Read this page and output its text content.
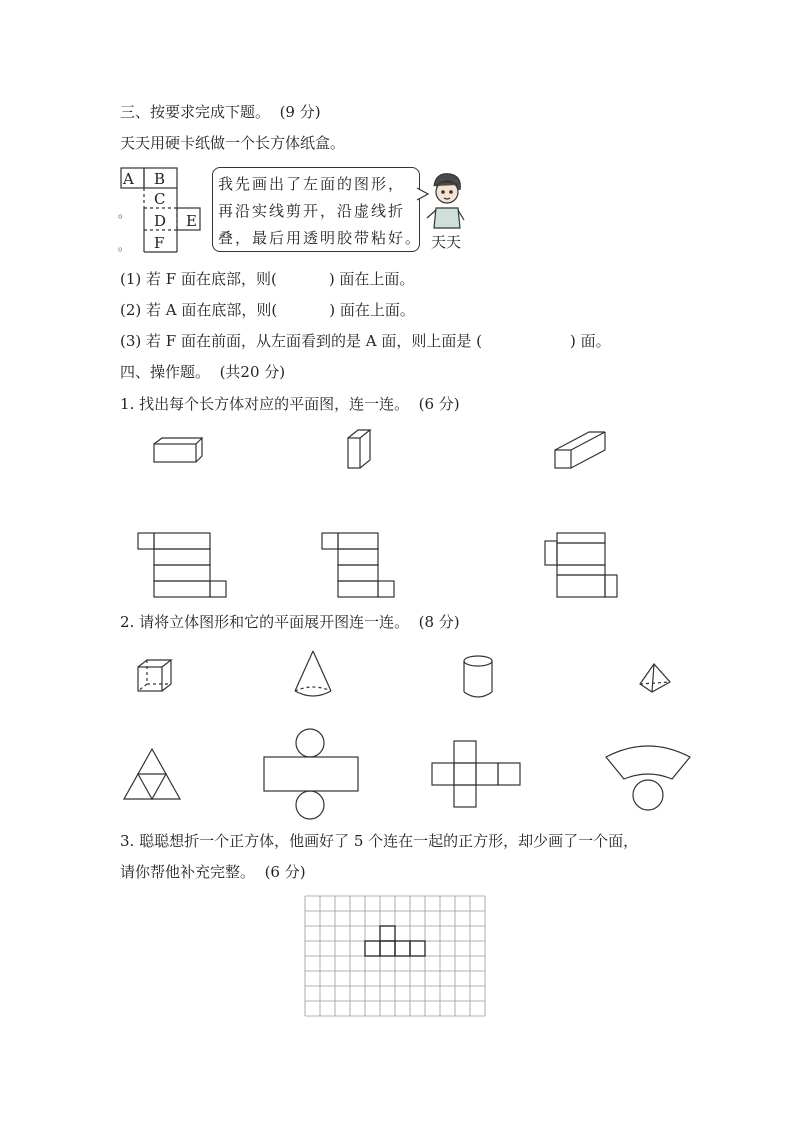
三、按要求完成下题。 (9 分)
天天用硬卡纸做一个长方体纸盒。
A B
C
D E
F
。
。
我先画出了左面的图形，
再沿实线剪开，沿虚线折
叠，最后用透明胶带粘好。 天天
(1) 若 F 面在底部，则(	) 面在上面。
(2) 若 A 面在底部，则(	) 面在上面。
(3) 若 F 面在前面，从左面看到的是 A 面，则上面是 (	) 面。
四、操作题。 (共20 分)
1. 找出每个长方体对应的平面图，连一连。 (6 分)
2. 请将立体图形和它的平面展开图连一连。 (8 分)
3. 聪聪想折一个正方体，他画好了 5 个连在一起的正方形，却少画了一个面，
请你帮他补充完整。 (6 分)
